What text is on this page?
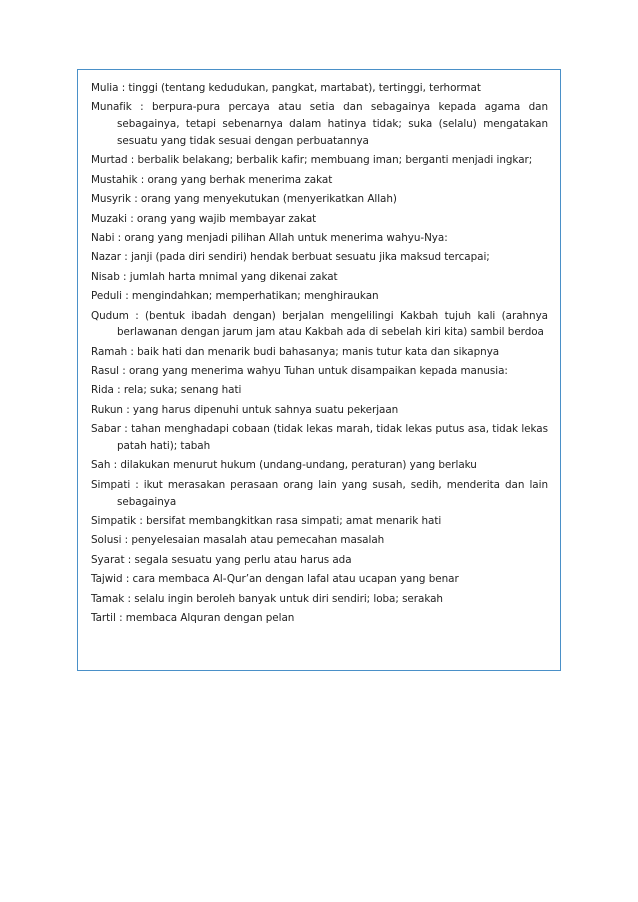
Mulia : tinggi (tentang kedudukan, pangkat, martabat), tertinggi, terhormat

Munafik : berpura-pura percaya atau setia dan sebagainya kepada agama dan sebagainya, tetapi sebenarnya dalam hatinya tidak; suka (selalu) mengatakan sesuatu yang tidak sesuai dengan perbuatannya

Murtad : berbalik belakang; berbalik kafir; membuang iman; berganti menjadi ingkar;

Mustahik : orang yang berhak menerima zakat

Musyrik : orang yang menyekutukan (menyerikatkan Allah)

Muzaki : orang yang wajib membayar zakat

Nabi : orang yang menjadi pilihan Allah untuk menerima wahyu-Nya:

Nazar : janji (pada diri sendiri) hendak berbuat sesuatu jika maksud tercapai;

Nisab : jumlah harta mnimal yang dikenai zakat

Peduli : mengindahkan; memperhatikan; menghiraukan

Qudum : (bentuk ibadah dengan) berjalan mengelilingi Kakbah tujuh kali (arahnya berlawanan dengan jarum jam atau Kakbah ada di sebelah kiri kita) sambil berdoa

Ramah : baik hati dan menarik budi bahasanya; manis tutur kata dan sikapnya

Rasul : orang yang menerima wahyu Tuhan untuk disampaikan kepada manusia:

Rida : rela; suka; senang hati

Rukun : yang harus dipenuhi untuk sahnya suatu pekerjaan

Sabar : tahan menghadapi cobaan (tidak lekas marah, tidak lekas putus asa, tidak lekas patah hati); tabah

Sah : dilakukan menurut hukum (undang-undang, peraturan) yang berlaku

Simpati : ikut merasakan perasaan orang lain yang susah, sedih, menderita dan lain sebagainya

Simpatik : bersifat membangkitkan rasa simpati; amat menarik hati

Solusi : penyelesaian masalah atau pemecahan masalah

Syarat : segala sesuatu yang perlu atau harus ada

Tajwid : cara membaca Al-Qur’an dengan lafal atau ucapan yang benar

Tamak : selalu ingin beroleh banyak untuk diri sendiri; loba; serakah

Tartil : membaca Alquran dengan pelan
